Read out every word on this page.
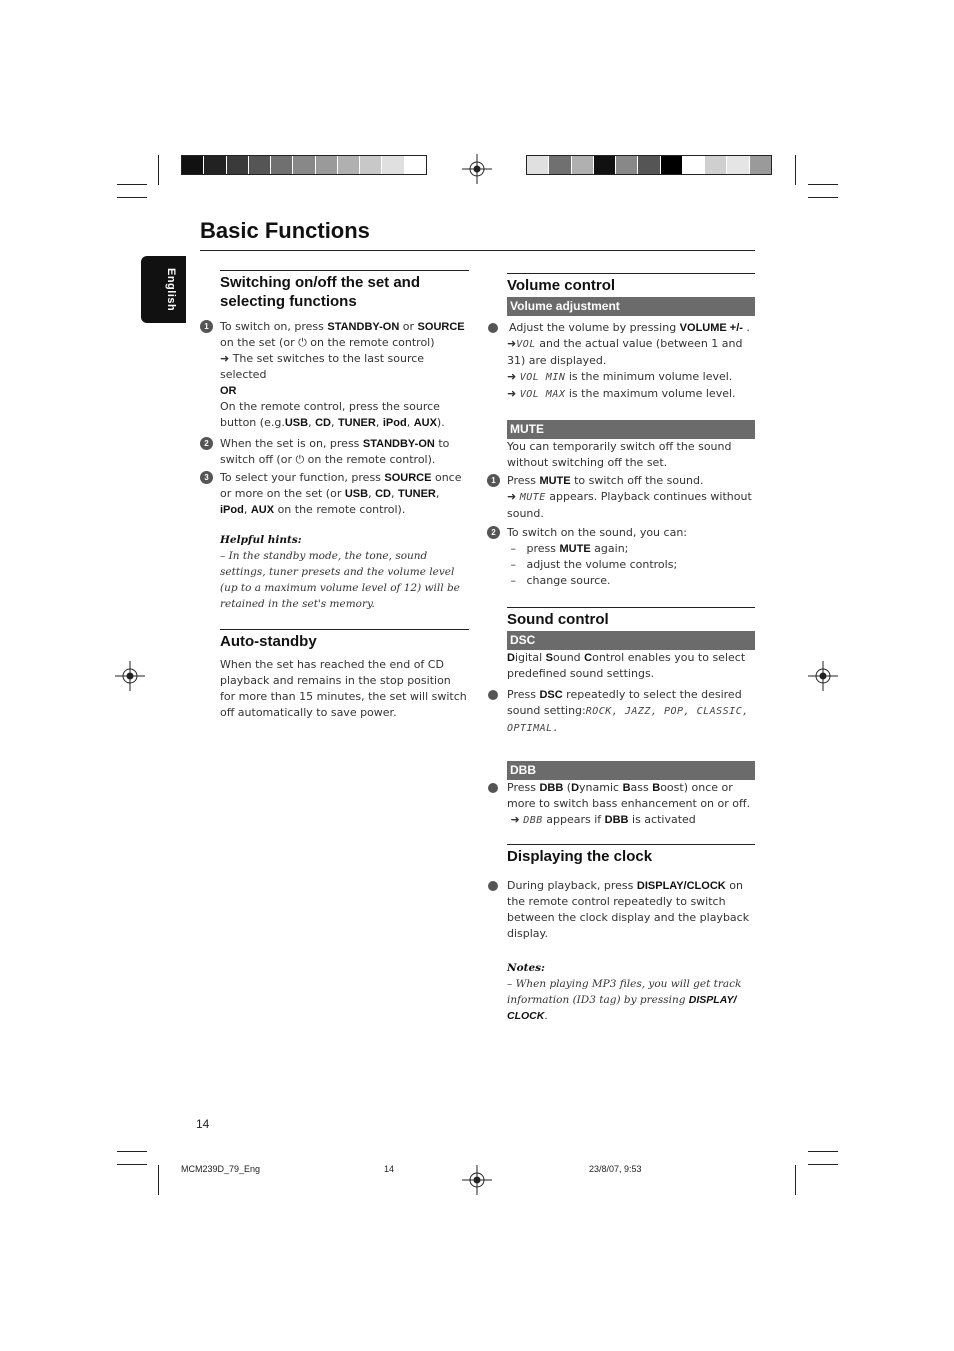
Basic Functions
English	Switching on/off the set and selecting functions
1	To switch on, press STANDBY-ON or SOURCE on the set (or ⏻ on the remote control)
➜ The set switches to the last source selected
OR
On the remote control, press the source button (e.g.USB, CD, TUNER, iPod, AUX).
2	When the set is on, press STANDBY-ON to switch off (or ⏻ on the remote control).
3	To select your function, press SOURCE once or more on the set (or USB, CD, TUNER, iPod, AUX on the remote control).
Helpful hints:
– In the standby mode, the tone, sound settings, tuner presets and the volume level (up to a maximum volume level of 12) will be retained in the set's memory.
Auto-standby
When the set has reached the end of CD playback and remains in the stop position for more than 15 minutes, the set will switch off automatically to save power.
Volume control
Volume adjustment
Adjust the volume by pressing VOLUME +/- .
➜VOL and the actual value (between 1 and 31) are displayed.
➜ VOL MIN is the minimum volume level.
➜ VOL MAX is the maximum volume level.
MUTE
You can temporarily switch off the sound without switching off the set.
1	Press MUTE to switch off the sound.
➜ MUTE appears. Playback continues without sound.
2	To switch on the sound, you can:
–   press MUTE again;
–   adjust the volume controls;
–   change source.
Sound control
DSC
Digital Sound Control enables you to select predefined sound settings.
Press DSC repeatedly to select the desired sound setting:ROCK, JAZZ, POP, CLASSIC, OPTIMAL.
DBB
Press DBB (Dynamic Bass Boost) once or more to switch bass enhancement on or off.
➜ DBB appears if DBB is activated
Displaying the clock
During playback, press DISPLAY/CLOCK on the remote control repeatedly to switch between the clock display and the playback display.
Notes:
– When playing MP3 files, you will get track information (ID3 tag) by pressing DISPLAY/ CLOCK.
14
MCM239D_79_Eng	14	23/8/07, 9:53
